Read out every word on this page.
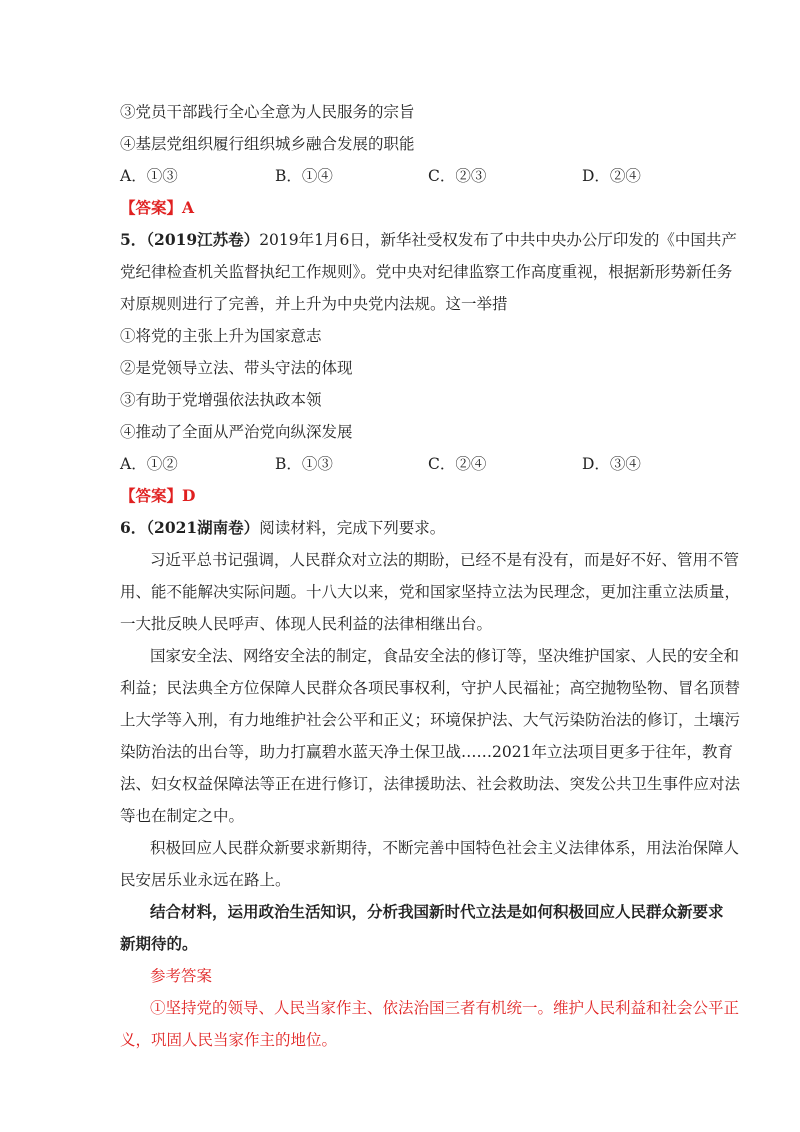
③党员干部践行全心全意为人民服务的宗旨
④基层党组织履行组织城乡融合发展的职能
A．①③	B．①④	C．②③	D．②④
【答案】A
5．（2019江苏卷）2019年1月6日，新华社受权发布了中共中央办公厅印发的《中国共产
党纪律检查机关监督执纪工作规则》。党中央对纪律监察工作高度重视，根据新形势新任务
对原规则进行了完善，并上升为中央党内法规。这一举措
①将党的主张上升为国家意志
②是党领导立法、带头守法的体现
③有助于党增强依法执政本领
④推动了全面从严治党向纵深发展
A．①②	B．①③	C．②④	D．③④
【答案】D
6．（2021湖南卷）阅读材料，完成下列要求。
习近平总书记强调，人民群众对立法的期盼，已经不是有没有，而是好不好、管用不管
用、能不能解决实际问题。十八大以来，党和国家坚持立法为民理念，更加注重立法质量，
一大批反映人民呼声、体现人民利益的法律相继出台。
国家安全法、网络安全法的制定，食品安全法的修订等，坚决维护国家、人民的安全和
利益；民法典全方位保障人民群众各项民事权利，守护人民福祉；高空抛物坠物、冒名顶替
上大学等入刑，有力地维护社会公平和正义；环境保护法、大气污染防治法的修订，土壤污
染防治法的出台等，助力打赢碧水蓝天净土保卫战……2021年立法项目更多于往年，教育
法、妇女权益保障法等正在进行修订，法律援助法、社会救助法、突发公共卫生事件应对法
等也在制定之中。
积极回应人民群众新要求新期待，不断完善中国特色社会主义法律体系，用法治保障人
民安居乐业永远在路上。
结合材料，运用政治生活知识，分析我国新时代立法是如何积极回应人民群众新要求
新期待的。
参考答案
①坚持党的领导、人民当家作主、依法治国三者有机统一。维护人民利益和社会公平正
义，巩固人民当家作主的地位。
